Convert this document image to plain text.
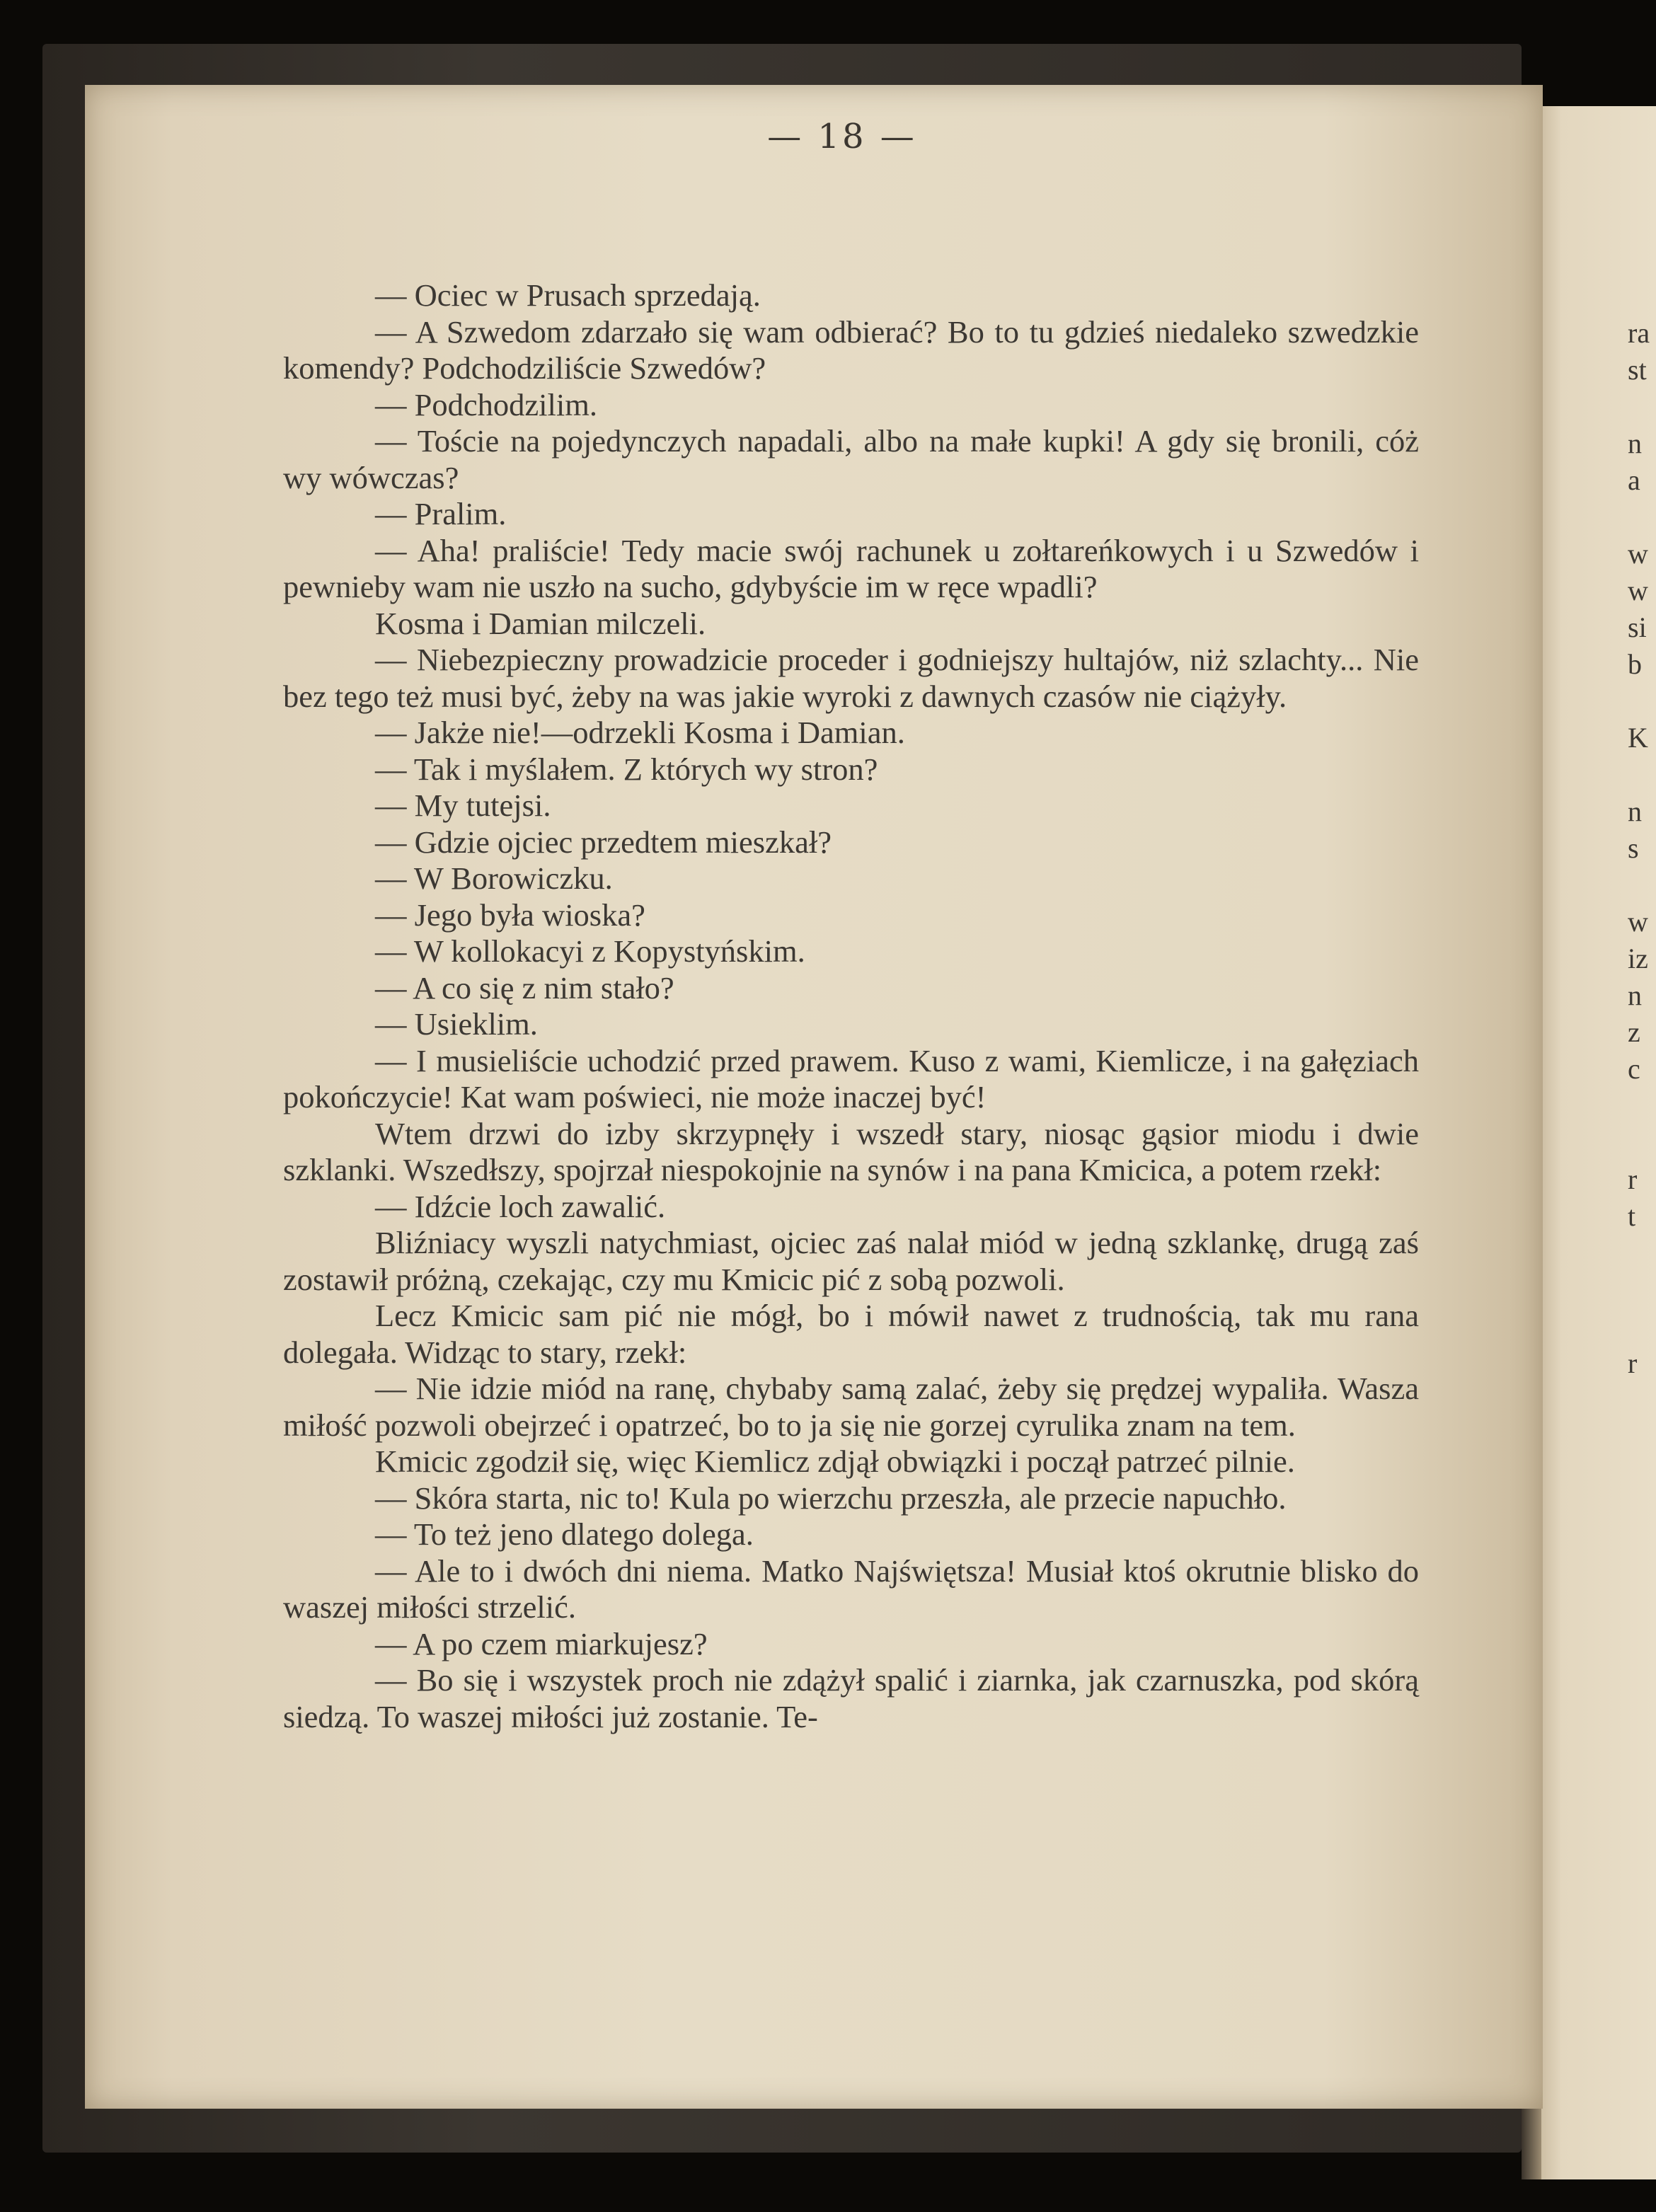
— 18 —

— Ociec w Prusach sprzedają.

— A Szwedom zdarzało się wam odbierać? Bo to tu gdzieś niedaleko szwedzkie komendy? Podchodziliście Szwedów?

— Podchodzilim.

— Toście na pojedynczych napadali, albo na małe kupki! A gdy się bronili, cóż wy wówczas?

— Pralim.

— Aha! praliście! Tedy macie swój rachunek u zołtareńkowych i u Szwedów i pewnieby wam nie uszło na sucho, gdybyście im w ręce wpadli?

Kosma i Damian milczeli.

— Niebezpieczny prowadzicie proceder i godniejszy hultajów, niż szlachty... Nie bez tego też musi być, żeby na was jakie wyroki z dawnych czasów nie ciążyły.

— Jakże nie!—odrzekli Kosma i Damian.

— Tak i myślałem. Z których wy stron?

— My tutejsi.

— Gdzie ojciec przedtem mieszkał?

— W Borowiczku.

— Jego była wioska?

— W kollokacyi z Kopystyńskim.

— A co się z nim stało?

— Usieklim.

— I musieliście uchodzić przed prawem. Kuso z wami, Kiemlicze, i na gałęziach pokończycie! Kat wam poświeci, nie może inaczej być!

Wtem drzwi do izby skrzypnęły i wszedł stary, niosąc gąsior miodu i dwie szklanki. Wszedłszy, spojrzał niespokojnie na synów i na pana Kmicica, a potem rzekł:

— Idźcie loch zawalić.

Bliźniacy wyszli natychmiast, ojciec zaś nalał miód w jedną szklankę, drugą zaś zostawił próżną, czekając, czy mu Kmicic pić z sobą pozwoli.

Lecz Kmicic sam pić nie mógł, bo i mówił nawet z trudnością, tak mu rana dolegała. Widząc to stary, rzekł:

— Nie idzie miód na ranę, chybaby samą zalać, żeby się prędzej wypaliła. Wasza miłość pozwoli obejrzeć i opatrzeć, bo to ja się nie gorzej cyrulika znam na tem.

Kmicic zgodził się, więc Kiemlicz zdjął obwiązki i począł patrzeć pilnie.

— Skóra starta, nic to! Kula po wierzchu przeszła, ale przecie napuchło.

— To też jeno dlatego dolega.

— Ale to i dwóch dni niema. Matko Najświętsza! Musiał ktoś okrutnie blisko do waszej miłości strzelić.

— A po czem miarkujesz?

— Bo się i wszystek proch nie zdążył spalić i ziarnka, jak czarnuszka, pod skórą siedzą. To waszej miłości już zostanie. Te-

ra
st
n
a
w
w
si
b
K
n
s
w
iz
n
z
c
r
t
r
